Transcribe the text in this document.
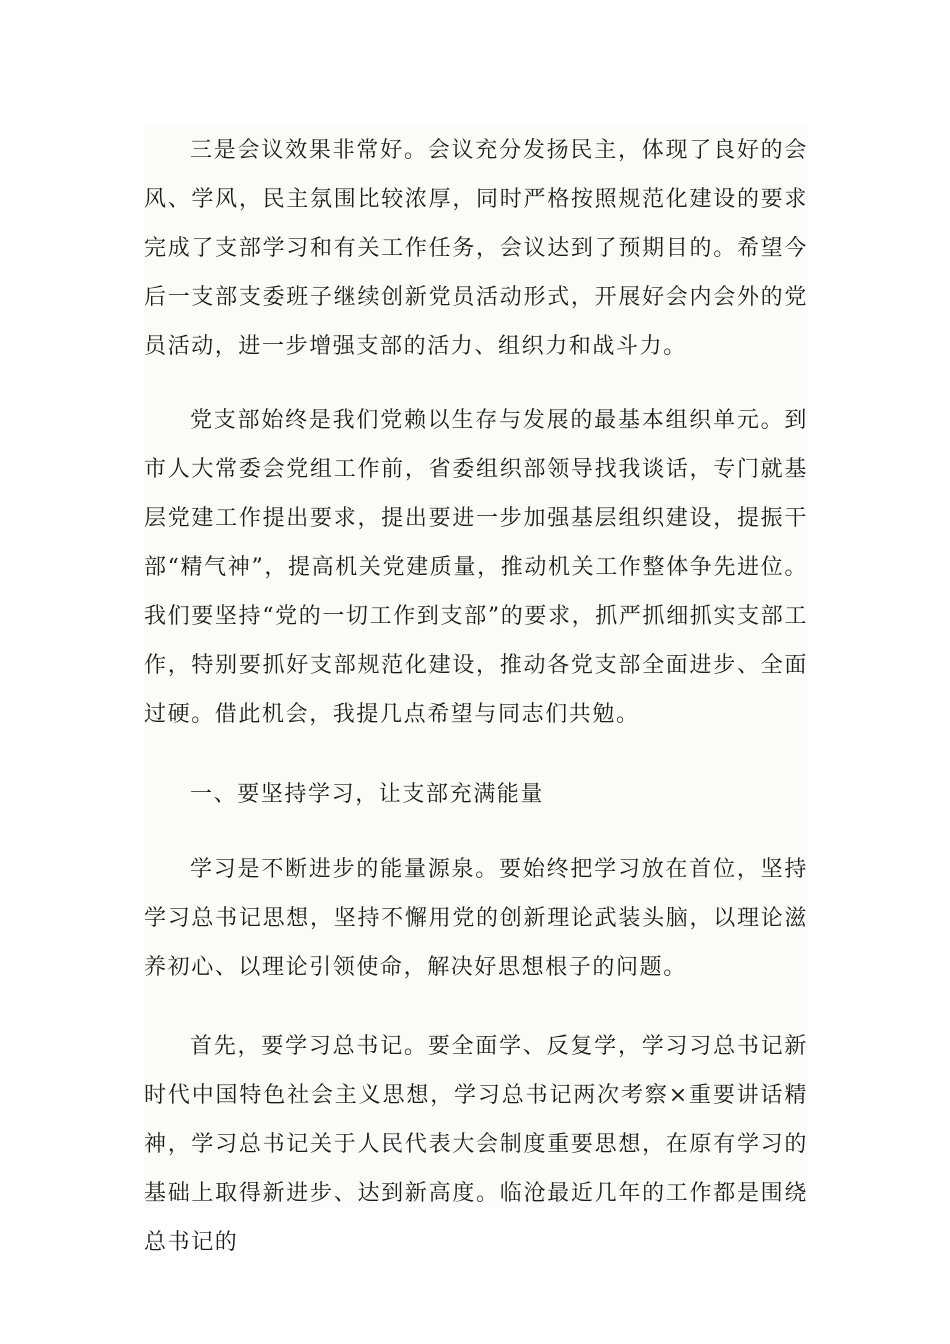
三是会议效果非常好。会议充分发扬民主，体现了良好的会风、学风，民主氛围比较浓厚，同时严格按照规范化建设的要求完成了支部学习和有关工作任务，会议达到了预期目的。希望今后一支部支委班子继续创新党员活动形式，开展好会内会外的党员活动，进一步增强支部的活力、组织力和战斗力。

党支部始终是我们党赖以生存与发展的最基本组织单元。到市人大常委会党组工作前，省委组织部领导找我谈话，专门就基层党建工作提出要求，提出要进一步加强基层组织建设，提振干部“精气神”，提高机关党建质量，推动机关工作整体争先进位。我们要坚持“党的一切工作到支部”的要求，抓严抓细抓实支部工作，特别要抓好支部规范化建设，推动各党支部全面进步、全面过硬。借此机会，我提几点希望与同志们共勉。

一、要坚持学习，让支部充满能量

学习是不断进步的能量源泉。要始终把学习放在首位，坚持学习总书记思想，坚持不懈用党的创新理论武装头脑，以理论滋养初心、以理论引领使命，解决好思想根子的问题。

首先，要学习总书记。要全面学、反复学，学习习总书记新时代中国特色社会主义思想，学习总书记两次考察×重要讲话精神，学习总书记关于人民代表大会制度重要思想，在原有学习的基础上取得新进步、达到新高度。临沧最近几年的工作都是围绕总书记的
